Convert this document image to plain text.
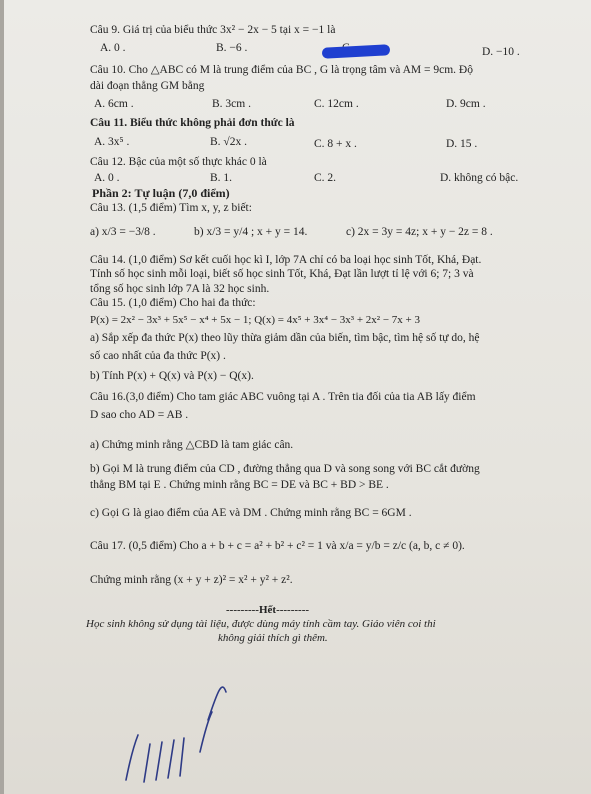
Câu 9. Giá trị của biểu thức 3x² − 2x − 5 tại x = −1 là
A. 0 .	B. −6 .	D. −10 .
Câu 10. Cho △ABC có M là trung điểm của BC , G là trọng tâm và AM = 9cm. Độ
dài đoạn thẳng GM bằng
A. 6cm .	B. 3cm .	C. 12cm .	D. 9cm .
Câu 11. Biểu thức không phải đơn thức là
A. 3x⁵ .	B. √2x .	C. 8 + x .	D. 15 .
Câu 12. Bậc của một số thực khác 0 là
A. 0 .	B. 1.	C. 2.	D. không có bậc.
Phần 2: Tự luận (7,0 điểm)
Câu 13. (1,5 điểm) Tìm x, y, z biết:
a) x/3 = −3/8 .	b) x/3 = y/4 ; x + y = 14.	c) 2x = 3y = 4z; x + y − 2z = 8 .
Câu 14. (1,0 điểm) Sơ kết cuối học kì I, lớp 7A chỉ có ba loại học sinh Tốt, Khá, Đạt.
Tính số học sinh mỗi loại, biết số học sinh Tốt, Khá, Đạt lần lượt tỉ lệ với 6; 7; 3 và
tổng số học sinh lớp 7A là 32 học sinh.
Câu 15. (1,0 điểm) Cho hai đa thức:
P(x) = 2x² − 3x³ + 5x⁵ − x⁴ + 5x − 1; Q(x) = 4x⁵ + 3x⁴ − 3x³ + 2x² − 7x + 3
a) Sắp xếp đa thức P(x) theo lũy thừa giảm dần của biến, tìm bậc, tìm hệ số tự do, hệ
số cao nhất của đa thức P(x) .
b) Tính P(x) + Q(x) và P(x) − Q(x).
Câu 16.(3,0 điểm) Cho tam giác ABC vuông tại A . Trên tia đối của tia AB lấy điểm
D sao cho AD = AB .
a) Chứng minh rằng △CBD là tam giác cân.
b) Gọi M là trung điểm của CD , đường thẳng qua D và song song với BC cắt đường
thẳng BM tại E . Chứng minh rằng BC = DE và BC + BD > BE .
c) Gọi G là giao điểm của AE và DM . Chứng minh rằng BC = 6GM .
Câu 17. (0,5 điểm) Cho a + b + c = a² + b² + c² = 1 và x/a = y/b = z/c (a, b, c ≠ 0).
Chứng minh rằng (x + y + z)² = x² + y² + z².
---------Hết---------
Học sinh không sử dụng tài liệu, được dùng máy tính cầm tay. Giáo viên coi thi
không giải thích gì thêm.
